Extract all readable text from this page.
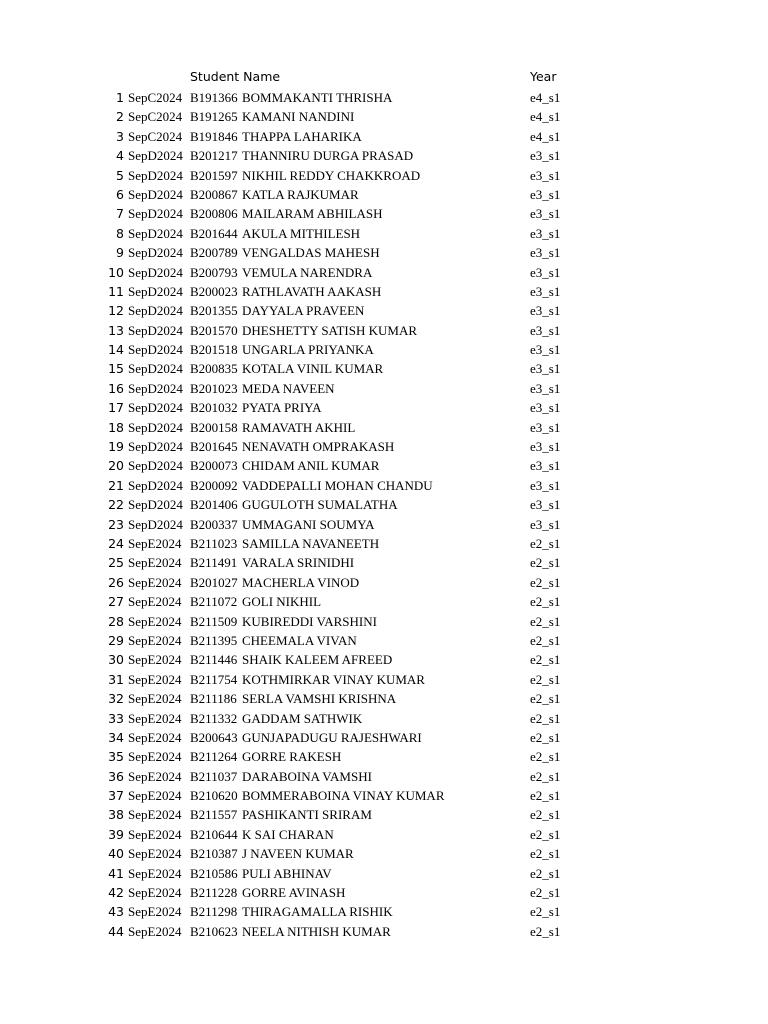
Student Name	Year
1 SepC2024 B191366 BOMMAKANTI THRISHA	e4_s1
2 SepC2024 B191265 KAMANI NANDINI	e4_s1
3 SepC2024 B191846 THAPPA LAHARIKA	e4_s1
4 SepD2024 B201217 THANNIRU DURGA PRASAD	e3_s1
5 SepD2024 B201597 NIKHIL REDDY CHAKKROAD	e3_s1
6 SepD2024 B200867 KATLA RAJKUMAR	e3_s1
7 SepD2024 B200806 MAILARAM ABHILASH	e3_s1
8 SepD2024 B201644 AKULA MITHILESH	e3_s1
9 SepD2024 B200789 VENGALDAS MAHESH	e3_s1
10 SepD2024 B200793 VEMULA NARENDRA	e3_s1
11 SepD2024 B200023 RATHLAVATH AAKASH	e3_s1
12 SepD2024 B201355 DAYYALA PRAVEEN	e3_s1
13 SepD2024 B201570 DHESHETTY SATISH KUMAR	e3_s1
14 SepD2024 B201518 UNGARLA PRIYANKA	e3_s1
15 SepD2024 B200835 KOTALA VINIL KUMAR	e3_s1
16 SepD2024 B201023 MEDA NAVEEN	e3_s1
17 SepD2024 B201032 PYATA PRIYA	e3_s1
18 SepD2024 B200158 RAMAVATH AKHIL	e3_s1
19 SepD2024 B201645 NENAVATH OMPRAKASH	e3_s1
20 SepD2024 B200073 CHIDAM ANIL KUMAR	e3_s1
21 SepD2024 B200092 VADDEPALLI MOHAN CHANDU	e3_s1
22 SepD2024 B201406 GUGULOTH SUMALATHA	e3_s1
23 SepD2024 B200337 UMMAGANI SOUMYA	e3_s1
24 SepE2024 B211023 SAMILLA NAVANEETH	e2_s1
25 SepE2024 B211491 VARALA SRINIDHI	e2_s1
26 SepE2024 B201027 MACHERLA VINOD	e2_s1
27 SepE2024 B211072 GOLI NIKHIL	e2_s1
28 SepE2024 B211509 KUBIREDDI VARSHINI	e2_s1
29 SepE2024 B211395 CHEEMALA VIVAN	e2_s1
30 SepE2024 B211446 SHAIK KALEEM AFREED	e2_s1
31 SepE2024 B211754 KOTHMIRKAR VINAY KUMAR	e2_s1
32 SepE2024 B211186 SERLA VAMSHI KRISHNA	e2_s1
33 SepE2024 B211332 GADDAM SATHWIK	e2_s1
34 SepE2024 B200643 GUNJAPADUGU RAJESHWARI	e2_s1
35 SepE2024 B211264 GORRE RAKESH	e2_s1
36 SepE2024 B211037 DARABOINA VAMSHI	e2_s1
37 SepE2024 B210620 BOMMERABOINA VINAY KUMAR	e2_s1
38 SepE2024 B211557 PASHIKANTI SRIRAM	e2_s1
39 SepE2024 B210644 K SAI CHARAN	e2_s1
40 SepE2024 B210387 J NAVEEN KUMAR	e2_s1
41 SepE2024 B210586 PULI ABHINAV	e2_s1
42 SepE2024 B211228 GORRE AVINASH	e2_s1
43 SepE2024 B211298 THIRAGAMALLA RISHIK	e2_s1
44 SepE2024 B210623 NEELA NITHISH KUMAR	e2_s1
